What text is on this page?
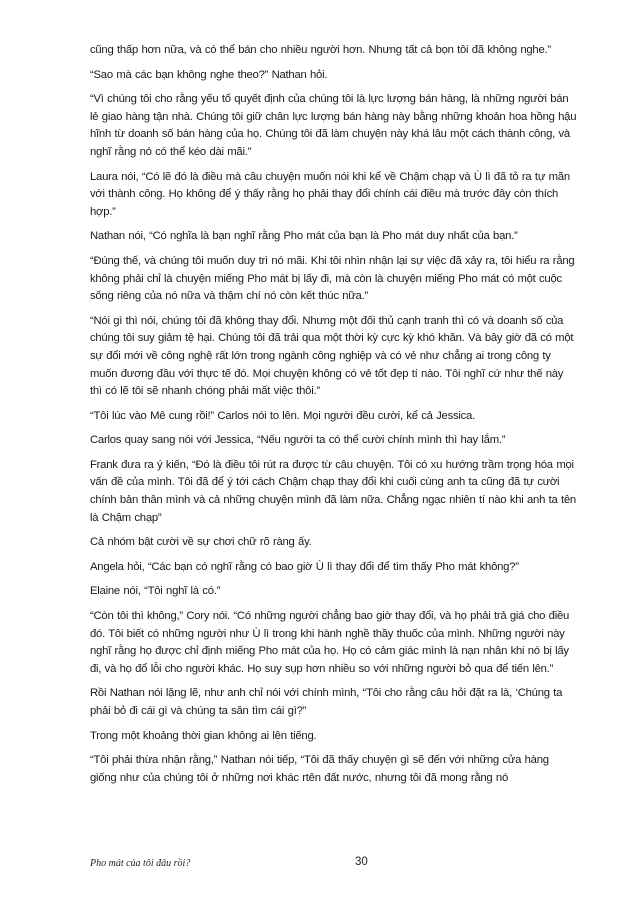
cũng thấp hơn nữa, và có thể bán cho nhiều người hơn. Nhưng tất cả bọn tôi đã không nghe.”

“Sao mà các bạn không nghe theo?” Nathan hỏi.

“Vì chúng tôi cho rằng yếu tố quyết định của chúng tôi là lực lượng bán hàng, là những người bán lẻ giao hàng tận nhà. Chúng tôi giữ chân lực lượng bán hàng này bằng những khoản hoa hồng hậu hĩnh từ doanh số bán hàng của họ. Chúng tôi đã làm chuyện này khá lâu một cách thành công, và nghĩ rằng nó có thể kéo dài mãi.”

Laura nói, “Có lẽ đó là điều mà câu chuyện muốn nói khi kể về Chậm chạp và Ù lì đã tỏ ra tự mãn với thành công. Họ không để ý thấy rằng họ phải thay đổi chính cái điều mà trước đây còn thích hợp.”

Nathan nói, “Có nghĩa là bạn nghĩ rằng Pho mát của bạn là Pho mát duy nhất của bạn.”

“Đúng thế, và chúng tôi muốn duy trì nó mãi. Khi tôi nhìn nhận lại sự việc đã xảy ra, tôi hiểu ra rằng không phải chỉ là chuyện miếng Pho mát bị lấy đi, mà còn là chuyện miếng Pho mát có một cuộc sống riêng của nó nữa và thậm chí nó còn kết thúc nữa.”

“Nói gì thì nói, chúng tôi đã không thay đổi. Nhưng một đối thủ cạnh tranh thì có và doanh số của chúng tôi suy giảm tệ hại. Chúng tôi đã trải qua một thời kỳ cực kỳ khó khăn. Và bây giờ đã có một sự đổi mới về công nghệ rất lớn trong ngành công nghiệp và có vẻ như chẳng ai trong công ty muốn đương đầu với thực tế đó. Mọi chuyện không có vẻ tốt đẹp tí nào. Tôi nghĩ cứ như thế này thì có lẽ tôi sẽ nhanh chóng phải mất việc thôi.”

“Tôi lúc vào Mê cung rồi!” Carlos nói to lên. Mọi người đều cười, kể cả Jessica.

Carlos quay sang nói với Jessica, “Nếu người ta có thể cười chính mình thì hay lắm.”

Frank đưa ra ý kiến, “Đó là điều tôi rút ra được từ câu chuyện. Tôi có xu hướng trầm trọng hóa mọi vấn đề của mình. Tôi đã để ý tới cách Chậm chạp thay đổi khi cuối cùng anh ta cũng đã tự cười chính bản thân mình và cả những chuyện mình đã làm nữa. Chẳng ngạc nhiên tí nào khi anh ta tên là Chậm chạp”

Cả nhóm bật cười về sự chơi chữ rõ ràng ấy.

Angela hỏi, “Các bạn có nghĩ rằng có bao giờ Ù lì thay đổi để tìm thấy Pho mát không?”

Elaine nói, “Tôi nghĩ là có.”

“Còn tôi thì không,” Cory nói. “Có những người chẳng bao giờ thay đổi, và họ phải trả giá cho điều đó. Tôi biết có những người như Ù lì trong khi hành nghề thầy thuốc của mình. Những người này nghĩ rằng họ được chỉ định miếng Pho mát của họ. Họ có cảm giác mình là nạn nhân khi nó bị lấy đi, và họ đổ lỗi cho người khác. Họ suy sụp hơn nhiều so với những người bỏ qua để tiến lên.”

Rồi Nathan nói lặng lẽ, như anh chỉ nói với chính mình, “Tôi cho rằng câu hỏi đặt ra là, ‘Chúng ta phải bỏ đi cái gì và chúng ta săn tìm cái gì?”

Trong một khoảng thời gian không ai lên tiếng.

“Tôi phải thừa nhận rằng,” Nathan nói tiếp, “Tôi đã thấy chuyện gì sẽ đến với những cửa hàng giống như của chúng tôi ở những nơi khác rtên đất nước, nhưng tôi đã mong rằng nó

Pho mát của tôi đâu rồi?	30
